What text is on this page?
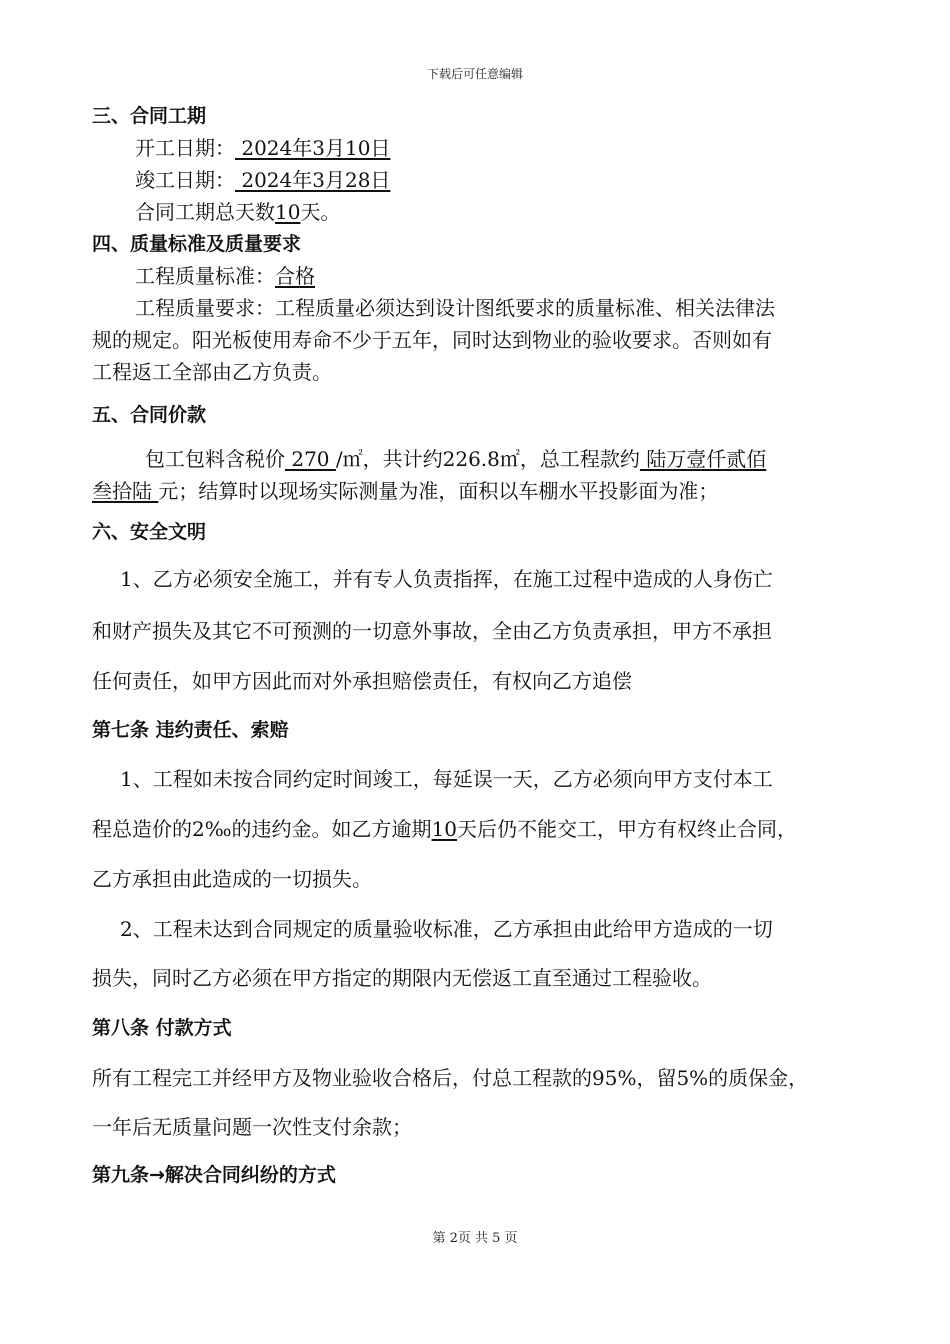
下载后可任意编辑
三、合同工期
开工日期： 2024年3月10日
竣工日期： 2024年3月28日
合同工期总天数10天。
四、质量标准及质量要求
工程质量标准：合格
工程质量要求：工程质量必须达到设计图纸要求的质量标准、相关法律法
规的规定。阳光板使用寿命不少于五年，同时达到物业的验收要求。否则如有
工程返工全部由乙方负责。
五、合同价款
包工包料含税价 270 /㎡，共计约226.8㎡，总工程款约 陆万壹仟贰佰
叁拾陆 元；结算时以现场实际测量为准，面积以车棚水平投影面为准；
六、安全文明
1、乙方必须安全施工，并有专人负责指挥，在施工过程中造成的人身伤亡
和财产损失及其它不可预测的一切意外事故，全由乙方负责承担，甲方不承担
任何责任，如甲方因此而对外承担赔偿责任，有权向乙方追偿
第七条 违约责任、索赔
1、工程如未按合同约定时间竣工，每延误一天，乙方必须向甲方支付本工
程总造价的2‰的违约金。如乙方逾期10天后仍不能交工，甲方有权终止合同，
乙方承担由此造成的一切损失。
2、工程未达到合同规定的质量验收标准，乙方承担由此给甲方造成的一切
损失，同时乙方必须在甲方指定的期限内无偿返工直至通过工程验收。
第八条 付款方式
所有工程完工并经甲方及物业验收合格后，付总工程款的95%，留5%的质保金，
一年后无质量问题一次性支付余款；
第九条→解决合同纠纷的方式
第 2页 共 5 页
